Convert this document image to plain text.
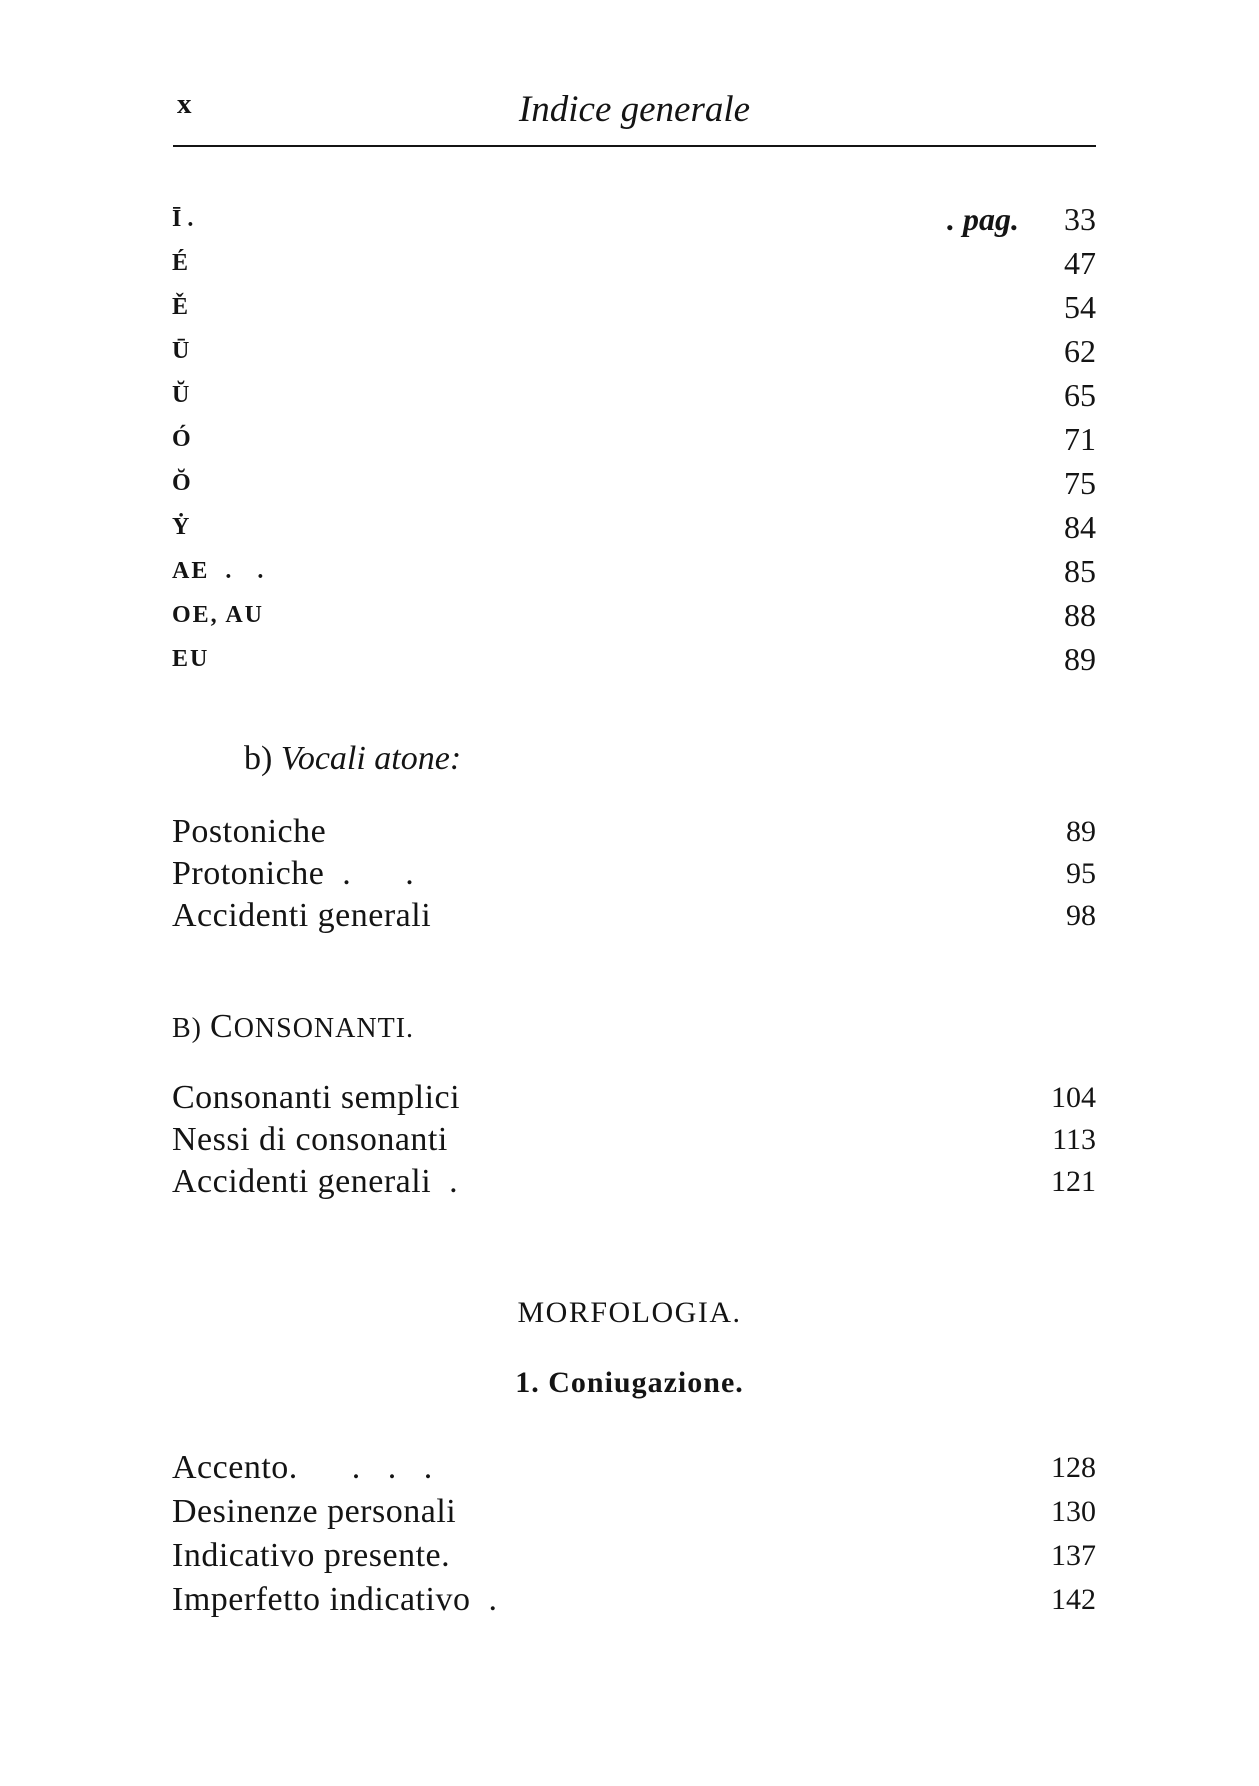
x	Indice generale
Ī .	. pag. 33
É	47
Ě	54
Ū	62
Ŭ	65
Ó	71
Ŏ	75
Ẏ	84
AE  .   .	85
OE, AU	88
EU	89
b) Vocali atone:
Postoniche	89
Protoniche  .      .	95
Accidenti generali	98
B) CONSONANTI.
Consonanti semplici	104
Nessi di consonanti	113
Accidenti generali  .	121
MORFOLOGIA.
1. Coniugazione.
Accento.      .   .   .	128
Desinenze personali	130
Indicativo presente.	137
Imperfetto indicativo  .	142
